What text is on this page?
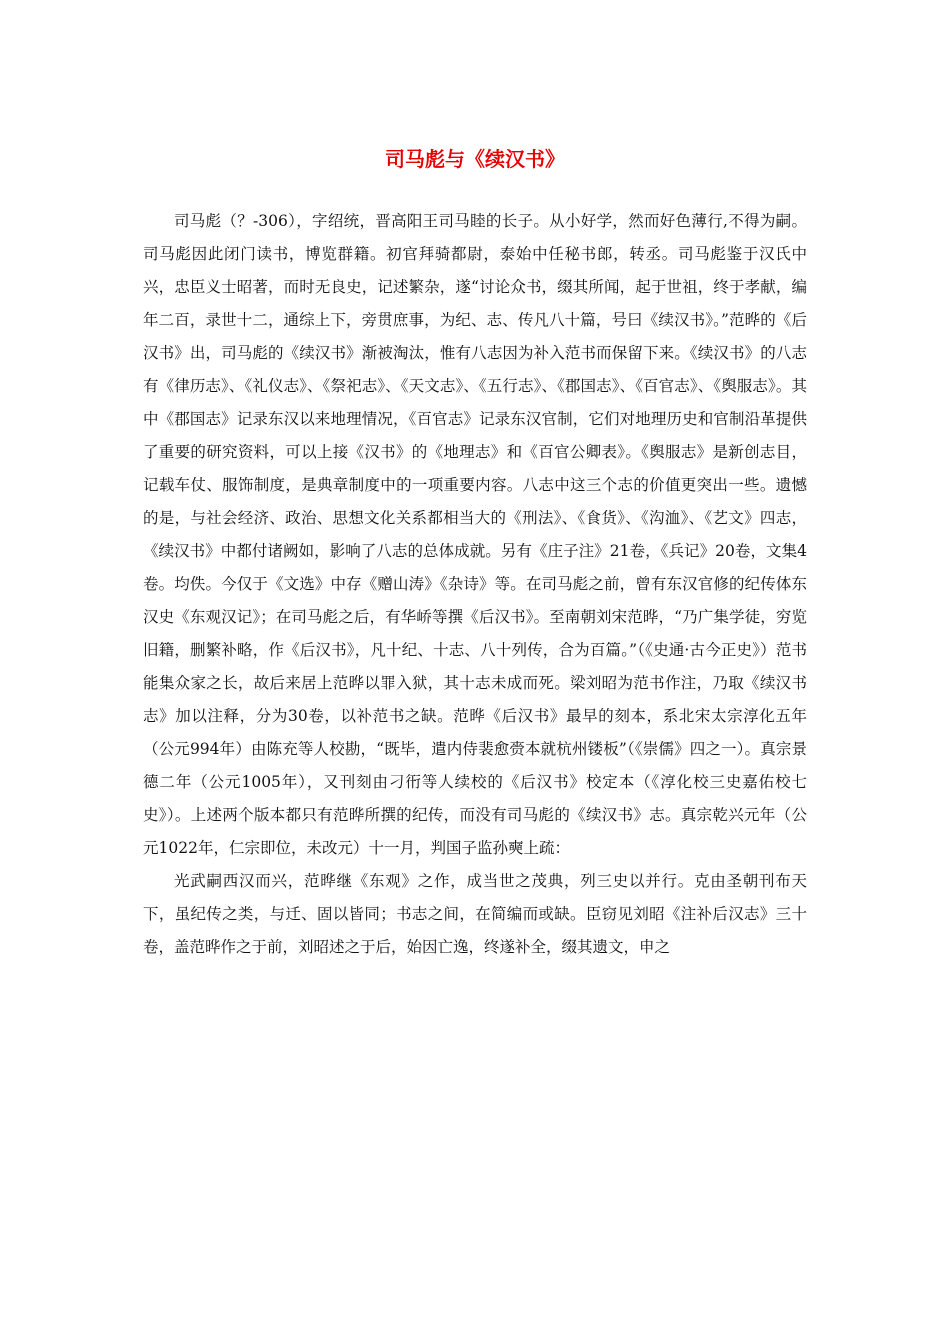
司马彪与《续汉书》

司马彪（？-306），字绍统，晋高阳王司马睦的长子。从小好学，然而好色薄行,不得为嗣。司马彪因此闭门读书，博览群籍。初官拜骑都尉，泰始中任秘书郎，转丞。司马彪鉴于汉氏中兴，忠臣义士昭著，而时无良史，记述繁杂，遂“讨论众书，缀其所闻，起于世祖，终于孝献，编年二百，录世十二，通综上下，旁贯庶事，为纪、志、传凡八十篇，号曰《续汉书》。”范晔的《后汉书》出，司马彪的《续汉书》渐被淘汰，惟有八志因为补入范书而保留下来。《续汉书》的八志有《律历志》、《礼仪志》、《祭祀志》、《天文志》、《五行志》、《郡国志》、《百官志》、《舆服志》。其中《郡国志》记录东汉以来地理情况，《百官志》记录东汉官制，它们对地理历史和官制沿革提供了重要的研究资料，可以上接《汉书》的《地理志》和《百官公卿表》。《舆服志》是新创志目，记载车仗、服饰制度，是典章制度中的一项重要内容。八志中这三个志的价值更突出一些。遗憾的是，与社会经济、政治、思想文化关系都相当大的《刑法》、《食货》、《沟洫》、《艺文》四志，《续汉书》中都付诸阙如，影响了八志的总体成就。另有《庄子注》21卷，《兵记》20卷，文集4卷。均佚。今仅于《文选》中存《赠山涛》《杂诗》等。在司马彪之前，曾有东汉官修的纪传体东汉史《东观汉记》；在司马彪之后，有华峤等撰《后汉书》。至南朝刘宋范晔，“乃广集学徒，穷览旧籍，删繁补略，作《后汉书》，凡十纪、十志、八十列传，合为百篇。”（《史通·古今正史》）范书能集众家之长，故后来居上范晔以罪入狱，其十志未成而死。梁刘昭为范书作注，乃取《续汉书志》加以注释，分为30卷，以补范书之缺。范晔《后汉书》最早的刻本，系北宋太宗淳化五年（公元994年）由陈充等人校勘，“既毕，遣内侍裴愈赍本就杭州镂板”（《崇儒》四之一）。真宗景德二年（公元1005年），又刊刻由刁衎等人续校的《后汉书》校定本（《淳化校三史嘉佑校七史》）。上述两个版本都只有范晔所撰的纪传，而没有司马彪的《续汉书》志。真宗乾兴元年（公元1022年，仁宗即位，未改元）十一月，判国子监孙奭上疏：

光武嗣西汉而兴，范晔继《东观》之作，成当世之茂典，列三史以并行。克由圣朝刊布天下，虽纪传之类，与迁、固以皆同；书志之间，在简编而或缺。臣窃见刘昭《注补后汉志》三十卷，盖范晔作之于前，刘昭述之于后，始因亡逸，终遂补全，缀其遗文，申之
